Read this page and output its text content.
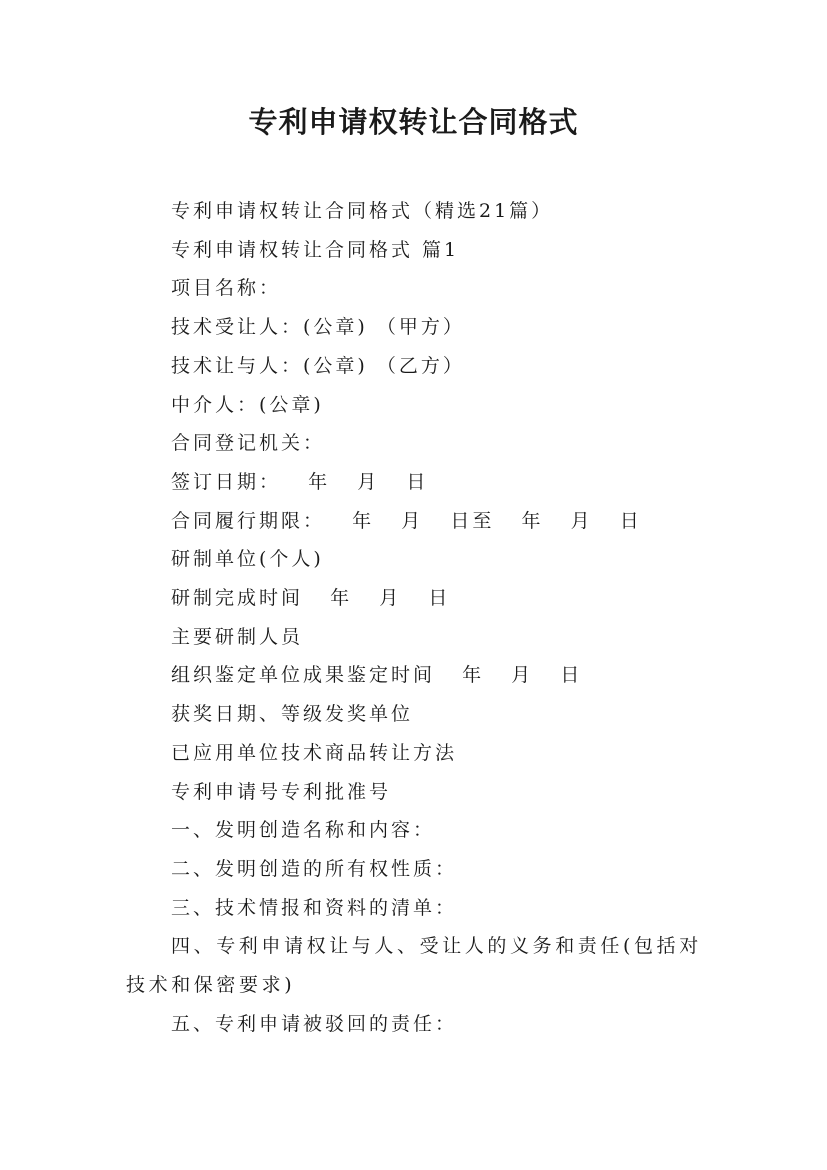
专利申请权转让合同格式

专利申请权转让合同格式（精选21篇）

专利申请权转让合同格式 篇1

项目名称：

技术受让人：(公章) （甲方）

技术让与人：(公章) （乙方）

中介人：(公章)

合同登记机关：

签订日期：   年   月   日

合同履行期限：   年   月   日至   年   月   日

研制单位(个人)

研制完成时间   年   月   日

主要研制人员

组织鉴定单位成果鉴定时间   年   月   日

获奖日期、等级发奖单位

已应用单位技术商品转让方法

专利申请号专利批准号

一、发明创造名称和内容：

二、发明创造的所有权性质：

三、技术情报和资料的清单：

四、专利申请权让与人、受让人的义务和责任(包括对技术和保密要求)

五、专利申请被驳回的责任：
